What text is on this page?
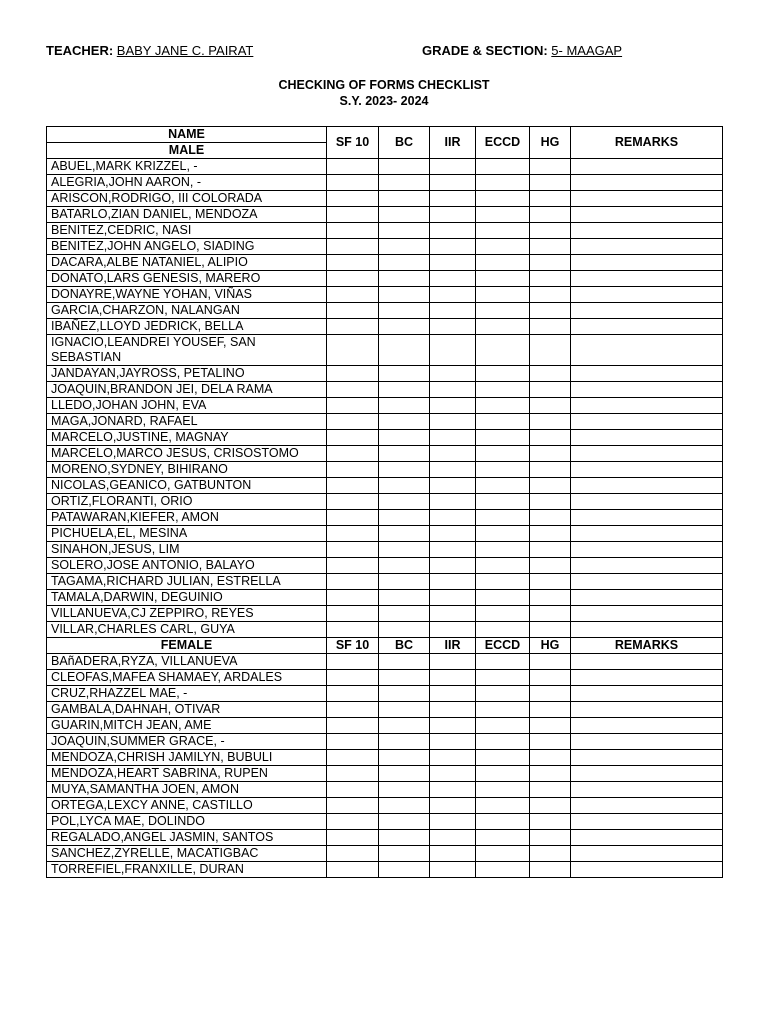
TEACHER: BABY JANE C. PAIRAT	GRADE & SECTION: 5- MAAGAP
CHECKING OF FORMS CHECKLIST
S.Y. 2023- 2024
NAME	SF 10	BC	IIR	ECCD	HG	REMARKS
MALE						
ABUEL,MARK KRIZZEL, -						
ALEGRIA,JOHN AARON, -						
ARISCON,RODRIGO, III COLORADA						
BATARLO,ZIAN DANIEL, MENDOZA						
BENITEZ,CEDRIC, NASI						
BENITEZ,JOHN ANGELO, SIADING						
DACARA,ALBE NATANIEL, ALIPIO						
DONATO,LARS GENESIS, MARERO						
DONAYRE,WAYNE YOHAN, VIÑAS						
GARCIA,CHARZON, NALANGAN						
IBAÑEZ,LLOYD JEDRICK, BELLA						
IGNACIO,LEANDREI YOUSEF, SAN SEBASTIAN						
JANDAYAN,JAYROSS, PETALINO						
JOAQUIN,BRANDON JEI, DELA RAMA						
LLEDO,JOHAN JOHN, EVA						
MAGA,JONARD, RAFAEL						
MARCELO,JUSTINE, MAGNAY						
MARCELO,MARCO JESUS, CRISOSTOMO						
MORENO,SYDNEY, BIHIRANO						
NICOLAS,GEANICO, GATBUNTON						
ORTIZ,FLORANTI, ORIO						
PATAWARAN,KIEFER, AMON						
PICHUELA,EL, MESINA						
SINAHON,JESUS, LIM						
SOLERO,JOSE ANTONIO, BALAYO						
TAGAMA,RICHARD JULIAN, ESTRELLA						
TAMALA,DARWIN, DEGUINIO						
VILLANUEVA,CJ ZEPPIRO, REYES						
VILLAR,CHARLES CARL, GUYA						
FEMALE	SF 10	BC	IIR	ECCD	HG	REMARKS
BAñADERA,RYZA, VILLANUEVA						
CLEOFAS,MAFEA SHAMAEY, ARDALES						
CRUZ,RHAZZEL MAE, -						
GAMBALA,DAHNAH, OTIVAR						
GUARIN,MITCH JEAN, AME						
JOAQUIN,SUMMER GRACE, -						
MENDOZA,CHRISH JAMILYN, BUBULI						
MENDOZA,HEART SABRINA, RUPEN						
MUYA,SAMANTHA JOEN, AMON						
ORTEGA,LEXCY ANNE, CASTILLO						
POL,LYCA MAE, DOLINDO						
REGALADO,ANGEL JASMIN, SANTOS						
SANCHEZ,ZYRELLE, MACATIGBAC						
TORREFIEL,FRANXILLE, DURAN						
